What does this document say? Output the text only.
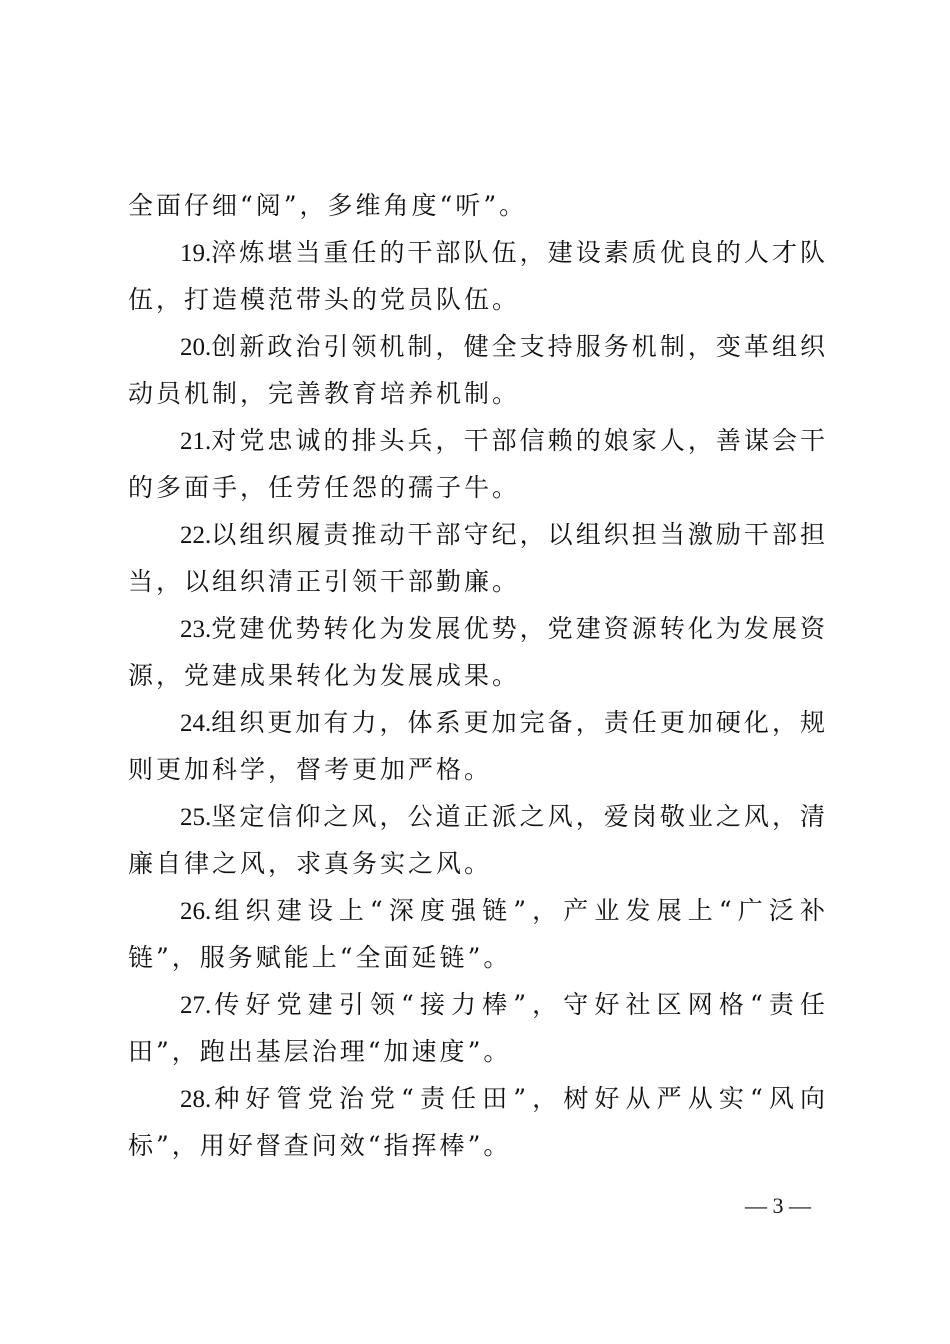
全面仔细“阅”，多维角度“听”。

19.淬炼堪当重任的干部队伍，建设素质优良的人才队伍，打造模范带头的党员队伍。

20.创新政治引领机制，健全支持服务机制，变革组织动员机制，完善教育培养机制。

21.对党忠诚的排头兵，干部信赖的娘家人，善谋会干的多面手，任劳任怨的孺子牛。

22.以组织履责推动干部守纪，以组织担当激励干部担当，以组织清正引领干部勤廉。

23.党建优势转化为发展优势，党建资源转化为发展资源，党建成果转化为发展成果。

24.组织更加有力，体系更加完备，责任更加硬化，规则更加科学，督考更加严格。

25.坚定信仰之风，公道正派之风，爱岗敬业之风，清廉自律之风，求真务实之风。

26.组织建设上“深度强链”，产业发展上“广泛补链”，服务赋能上“全面延链”。

27.传好党建引领“接力棒”，守好社区网格“责任田”，跑出基层治理“加速度”。

28.种好管党治党“责任田”，树好从严从实“风向标”，用好督查问效“指挥棒”。

— 3 —
